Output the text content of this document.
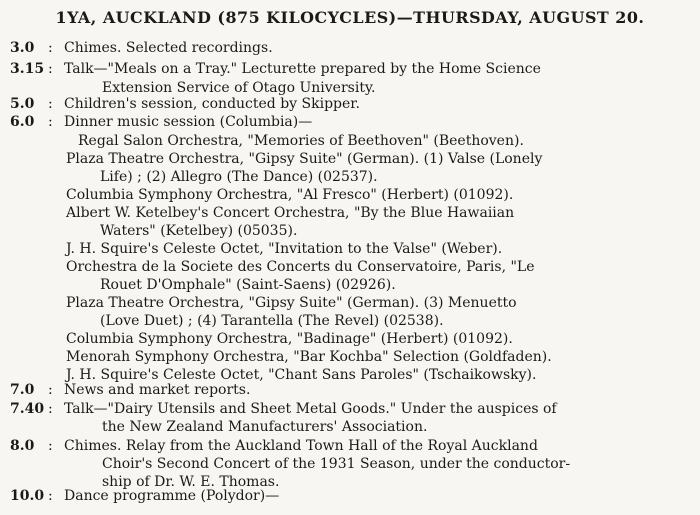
1YA, AUCKLAND (875 KILOCYCLES)—THURSDAY, AUGUST 20.
3.0 : Chimes. Selected recordings.
3.15 : Talk—"Meals on a Tray." Lecturette prepared by the Home Science
Extension Service of Otago University.
5.0 : Children's session, conducted by Skipper.
6.0 : Dinner music session (Columbia)—
Regal Salon Orchestra, "Memories of Beethoven" (Beethoven).
Plaza Theatre Orchestra, "Gipsy Suite" (German). (1) Valse (Lonely
Life) ; (2) Allegro (The Dance) (02537).
Columbia Symphony Orchestra, "Al Fresco" (Herbert) (01092).
Albert W. Ketelbey's Concert Orchestra, "By the Blue Hawaiian
Waters" (Ketelbey) (05035).
J. H. Squire's Celeste Octet, "Invitation to the Valse" (Weber).
Orchestra de la Societe des Concerts du Conservatoire, Paris, "Le
Rouet D'Omphale" (Saint-Saens) (02926).
Plaza Theatre Orchestra, "Gipsy Suite" (German). (3) Menuetto
(Love Duet) ; (4) Tarantella (The Revel) (02538).
Columbia Symphony Orchestra, "Badinage" (Herbert) (01092).
Menorah Symphony Orchestra, "Bar Kochba" Selection (Goldfaden).
J. H. Squire's Celeste Octet, "Chant Sans Paroles" (Tschaikowsky).
7.0 : News and market reports.
7.40 : Talk—"Dairy Utensils and Sheet Metal Goods." Under the auspices of
the New Zealand Manufacturers' Association.
8.0 : Chimes. Relay from the Auckland Town Hall of the Royal Auckland
Choir's Second Concert of the 1931 Season, under the conductor-
ship of Dr. W. E. Thomas.
10.0 : Dance programme (Polydor)—
